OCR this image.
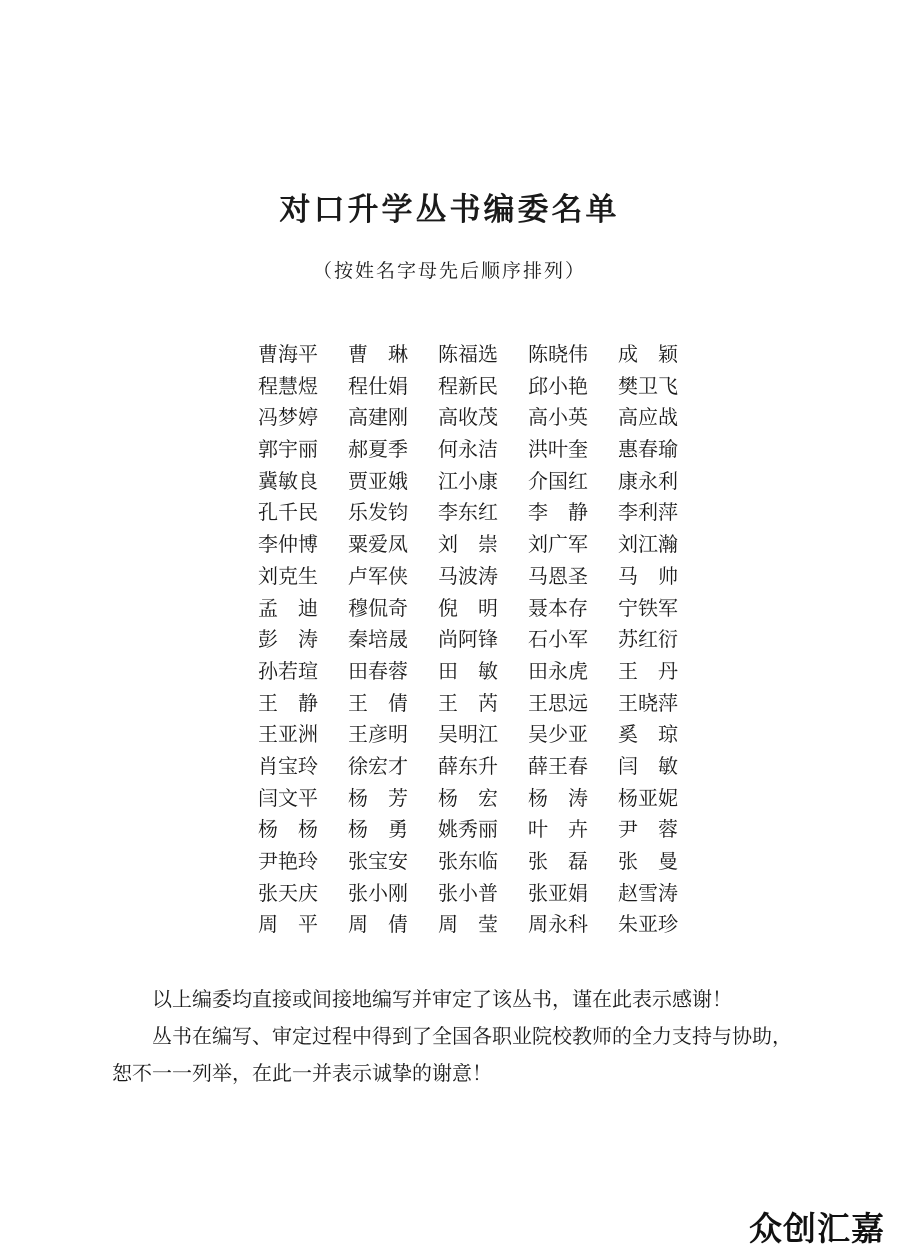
对口升学丛书编委名单
（按姓名字母先后顺序排列）
曹海平	曹　琳	陈福选	陈晓伟	成　颖
程慧煜	程仕娟	程新民	邱小艳	樊卫飞
冯梦婷	高建刚	高收茂	高小英	高应战
郭宇丽	郝夏季	何永洁	洪叶奎	惠春瑜
冀敏良	贾亚娥	江小康	介国红	康永利
孔千民	乐发钧	李东红	李　静	李利萍
李仲博	粟爱凤	刘　崇	刘广军	刘江瀚
刘克生	卢军侠	马波涛	马恩圣	马　帅
孟　迪	穆侃奇	倪　明	聂本存	宁铁军
彭　涛	秦培晟	尚阿锋	石小军	苏红衍
孙若瑄	田春蓉	田　敏	田永虎	王　丹
王　静	王　倩	王　芮	王思远	王晓萍
王亚洲	王彦明	吴明江	吴少亚	奚　琼
肖宝玲	徐宏才	薛东升	薛王春	闫　敏
闫文平	杨　芳	杨　宏	杨　涛	杨亚妮
杨　杨	杨　勇	姚秀丽	叶　卉	尹　蓉
尹艳玲	张宝安	张东临	张　磊	张　曼
张天庆	张小刚	张小普	张亚娟	赵雪涛
周　平	周　倩	周　莹	周永科	朱亚珍

以上编委均直接或间接地编写并审定了该丛书，谨在此表示感谢！

丛书在编写、审定过程中得到了全国各职业院校教师的全力支持与协助，恕不一一列举，在此一并表示诚挚的谢意！

众创汇嘉
